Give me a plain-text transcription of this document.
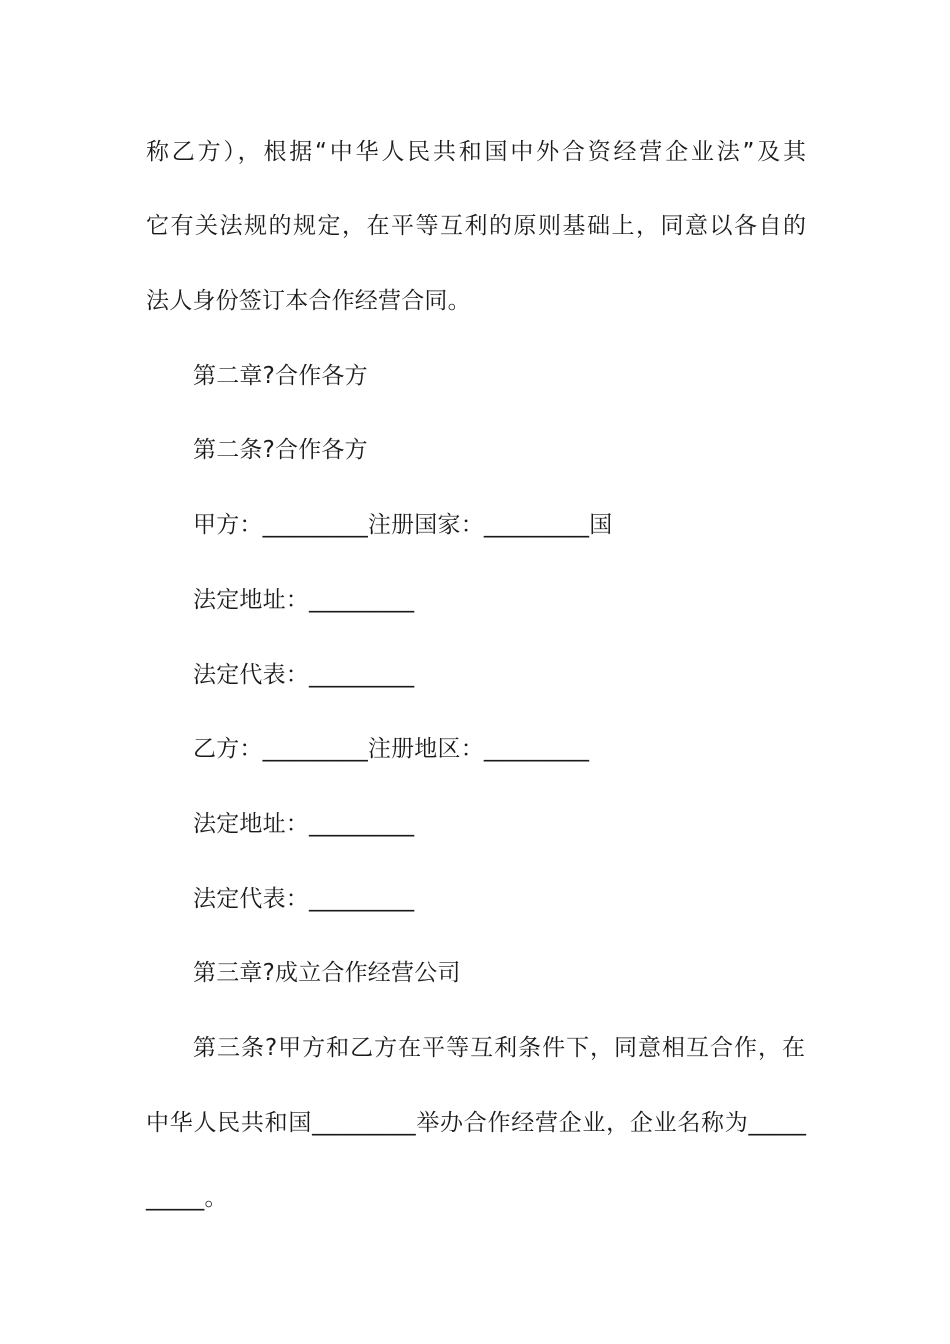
称乙方），根据“中华人民共和国中外合资经营企业法”及其
它有关法规的规定，在平等互利的原则基础上，同意以各自的
法人身份签订本合作经营合同。
第二章?合作各方
第二条?合作各方
甲方：_________注册国家：_________国
法定地址：_________
法定代表：_________
乙方：_________注册地区：_________
法定地址：_________
法定代表：_________
第三章?成立合作经营公司
第三条?甲方和乙方在平等互利条件下，同意相互合作，在
中华人民共和国_________举办合作经营企业，企业名称为_____
_____。
